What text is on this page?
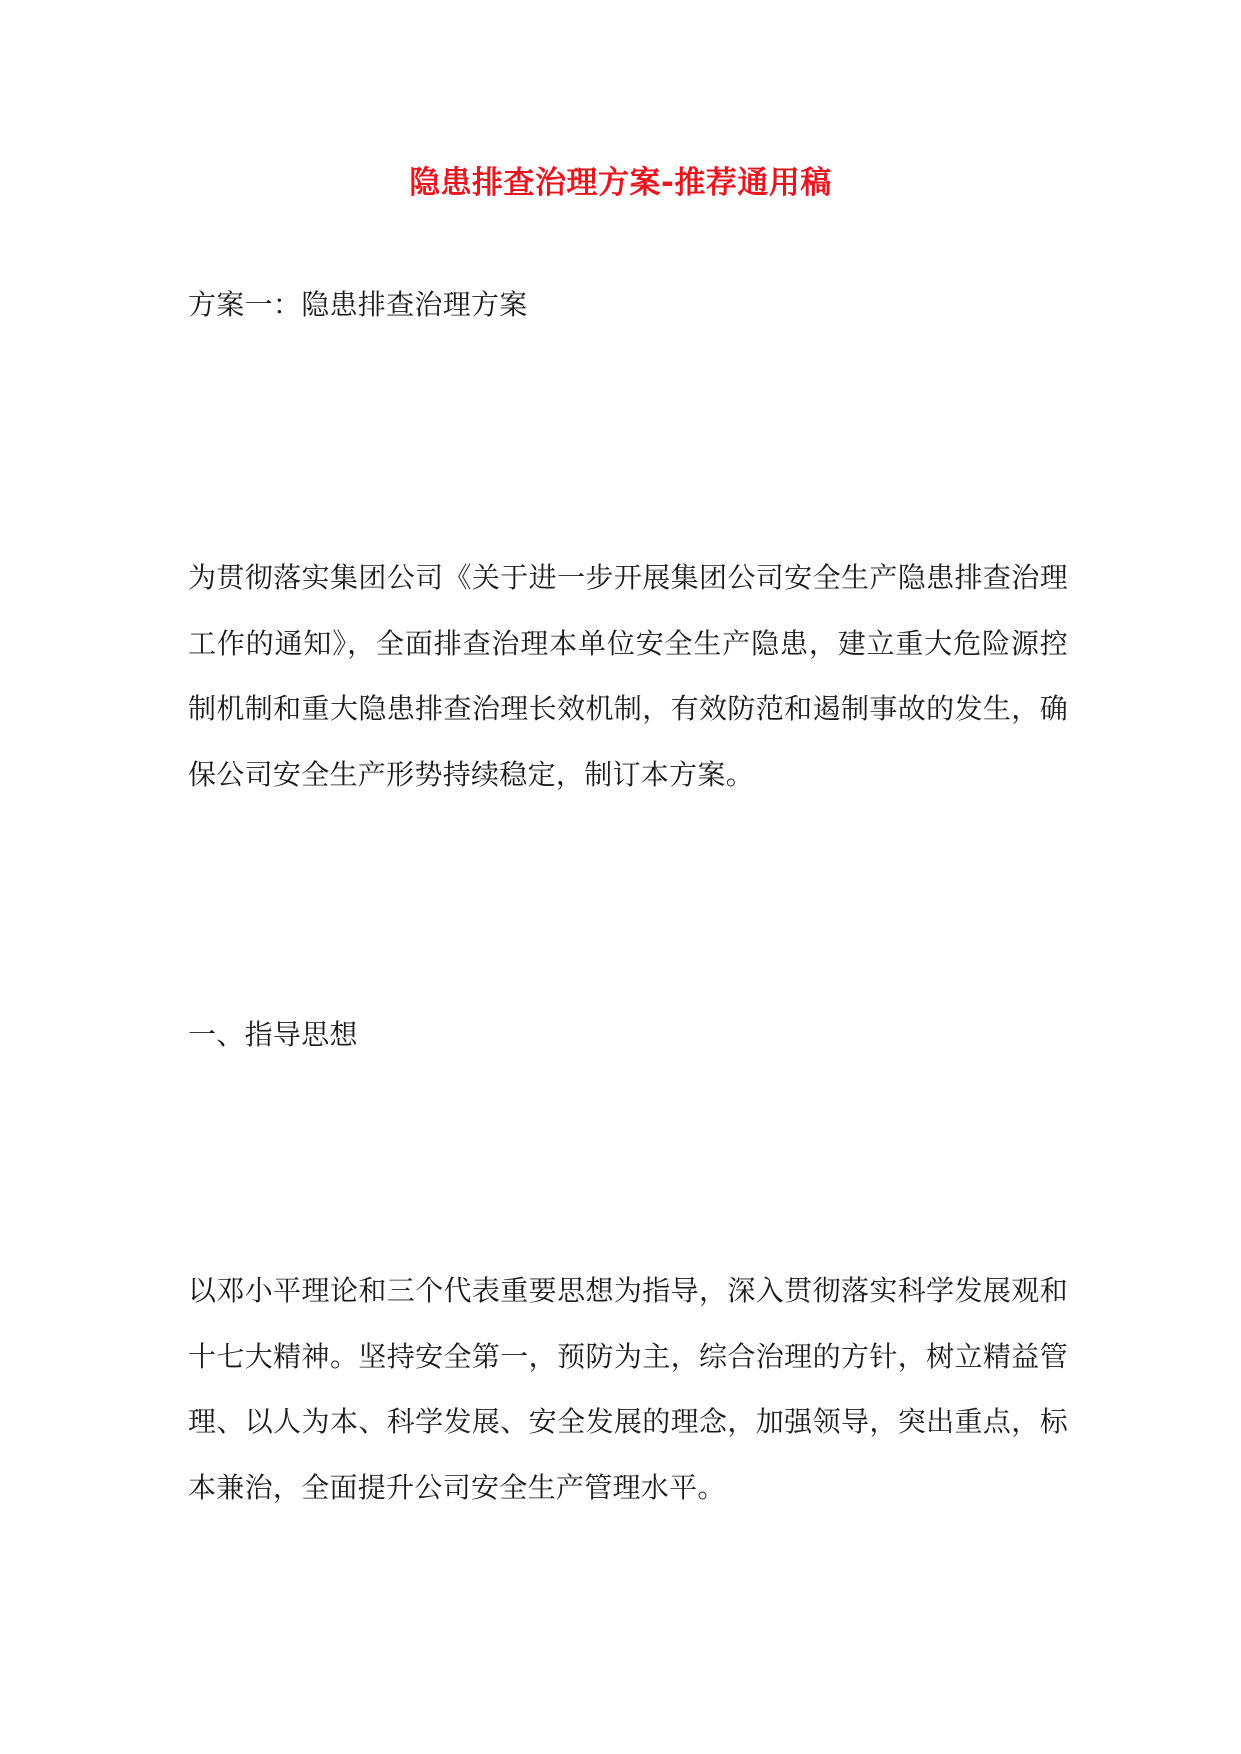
隐患排查治理方案-推荐通用稿
方案一：隐患排查治理方案

为贯彻落实集团公司《关于进一步开展集团公司安全生产隐患排查治理工作的通知》，全面排查治理本单位安全生产隐患，建立重大危险源控制机制和重大隐患排查治理长效机制，有效防范和遏制事故的发生，确保公司安全生产形势持续稳定，制订本方案。

一、指导思想

以邓小平理论和三个代表重要思想为指导，深入贯彻落实科学发展观和十七大精神。坚持安全第一，预防为主，综合治理的方针，树立精益管理、以人为本、科学发展、安全发展的理念，加强领导，突出重点，标本兼治，全面提升公司安全生产管理水平。
